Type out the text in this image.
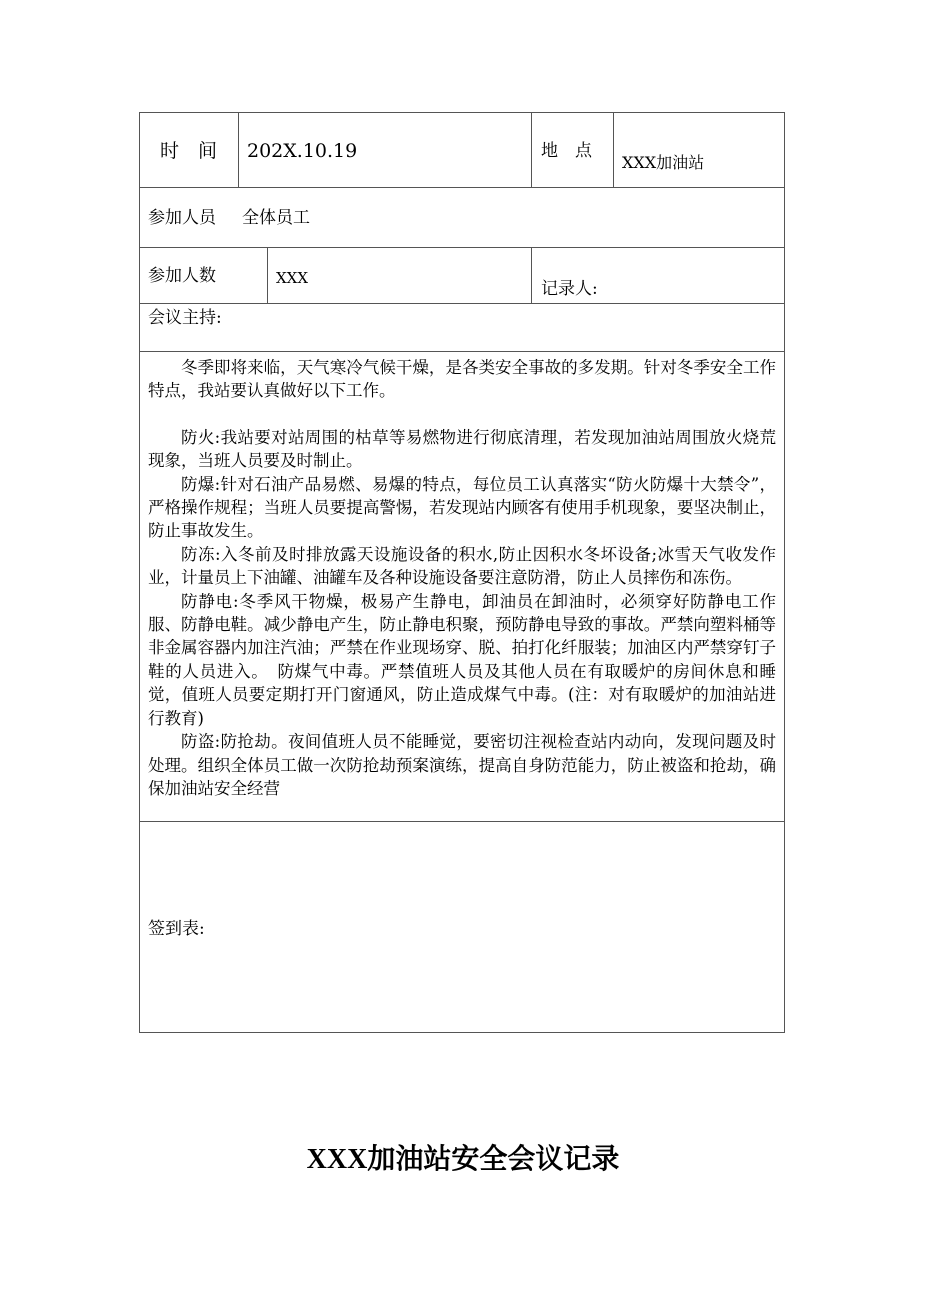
时　间 202X.10.19	地　点
XXX加油站
参加人员 全体员工
参加人数	XXX
记录人:
会议主持:

冬季即将来临，天气寒冷气候干燥，是各类安全事故的多发期。针对冬季安全工作特点，我站要认真做好以下工作。

防火:我站要对站周围的枯草等易燃物进行彻底清理，若发现加油站周围放火烧荒现象，当班人员要及时制止。

防爆:针对石油产品易燃、易爆的特点，每位员工认真落实“防火防爆十大禁令”，严格操作规程；当班人员要提高警惕，若发现站内顾客有使用手机现象，要坚决制止，防止事故发生。

防冻:入冬前及时排放露天设施设备的积水,防止因积水冬坏设备;冰雪天气收发作业，计量员上下油罐、油罐车及各种设施设备要注意防滑，防止人员摔伤和冻伤。

防静电:冬季风干物燥，极易产生静电，卸油员在卸油时，必须穿好防静电工作服、防静电鞋。减少静电产生，防止静电积聚，预防静电导致的事故。严禁向塑料桶等非金属容器内加注汽油；严禁在作业现场穿、脱、拍打化纤服装；加油区内严禁穿钉子鞋的人员进入。　防煤气中毒。严禁值班人员及其他人员在有取暖炉的房间休息和睡觉，值班人员要定期打开门窗通风，防止造成煤气中毒。(注：对有取暖炉的加油站进行教育)

防盗:防抢劫。夜间值班人员不能睡觉，要密切注视检查站内动向，发现问题及时处理。组织全体员工做一次防抢劫预案演练，提高自身防范能力，防止被盗和抢劫，确保加油站安全经营

签到表:
XXX加油站安全会议记录
